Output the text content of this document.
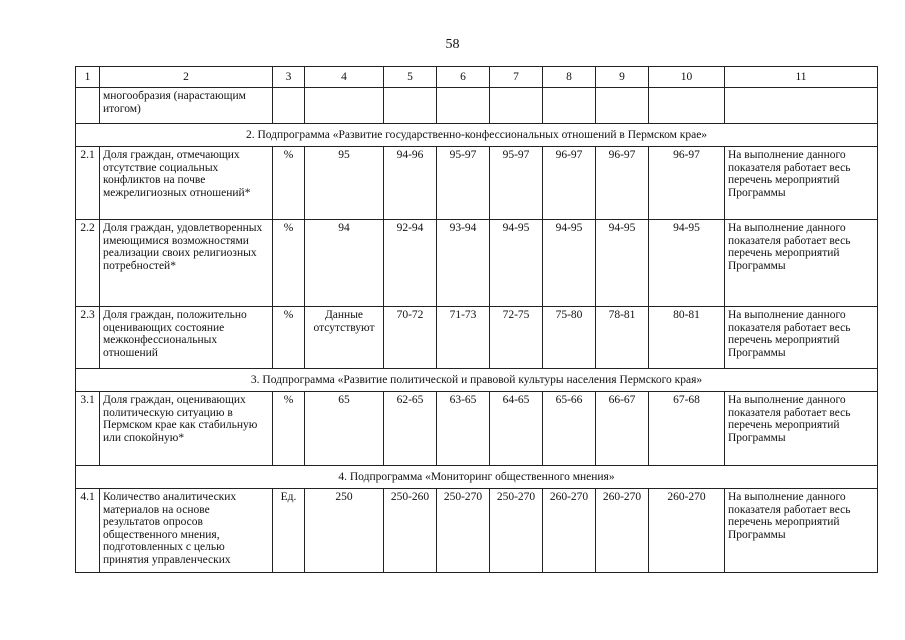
58
1	2	3	4	5	6	7	8	9	10	11
	многообразия (нарастающим итогом)									
2. Подпрограмма «Развитие государственно-конфессиональных отношений в Пермском крае»										
2.1	Доля граждан, отмечающих отсутствие социальных конфликтов на почве межрелигиозных отношений*	%	95	94-96	95-97	95-97	96-97	96-97	96-97	На выполнение данного показателя работает весь перечень мероприятий Программы
2.2	Доля граждан, удовлетворенных имеющимися возможностями реализации своих религиозных потребностей*	%	94	92-94	93-94	94-95	94-95	94-95	94-95	На выполнение данного показателя работает весь перечень мероприятий Программы
2.3	Доля граждан, положительно оценивающих состояние межконфессиональных отношений	%	Данные отсутствуют	70-72	71-73	72-75	75-80	78-81	80-81	На выполнение данного показателя работает весь перечень мероприятий Программы
3. Подпрограмма «Развитие политической и правовой культуры населения Пермского края»										
3.1	Доля граждан, оценивающих политическую ситуацию в Пермском крае как стабильную или спокойную*	%	65	62-65	63-65	64-65	65-66	66-67	67-68	На выполнение данного показателя работает весь перечень мероприятий Программы
4. Подпрограмма «Мониторинг общественного мнения»										
4.1	Количество аналитических материалов на основе результатов опросов общественного мнения, подготовленных с целью принятия управленческих	Ед.	250	250-260	250-270	250-270	260-270	260-270	260-270	На выполнение данного показателя работает весь перечень мероприятий Программы
